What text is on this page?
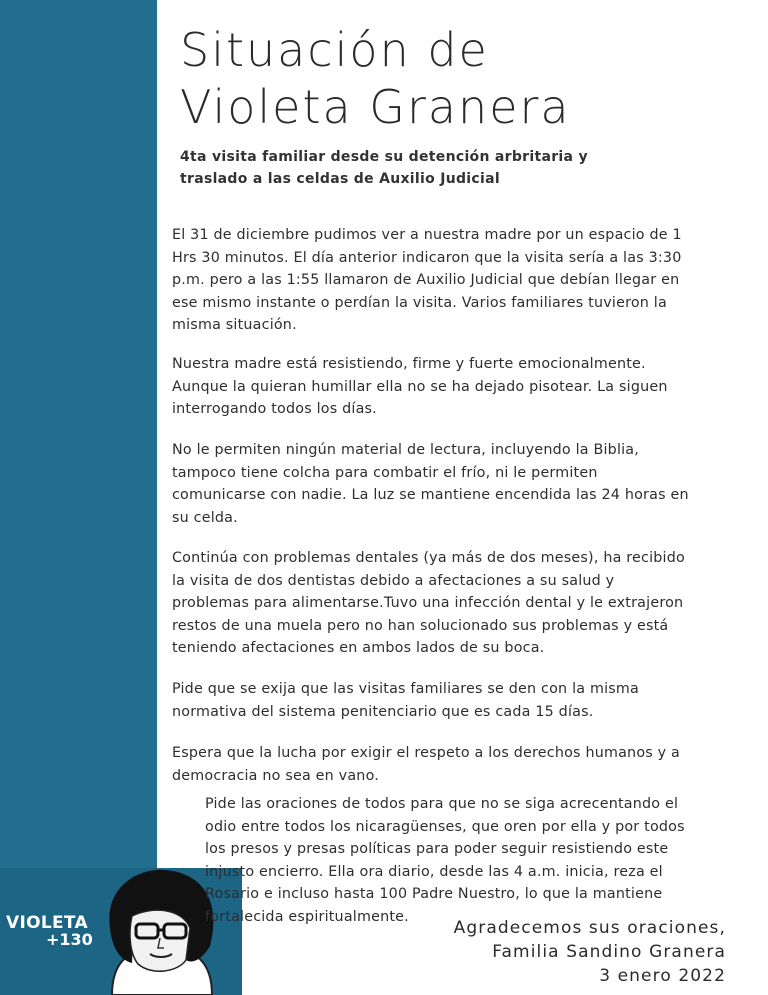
VIOLETA
+130
Situación de
Violeta Granera
4ta visita familiar desde su detención arbritaria y
traslado a las celdas de Auxilio Judicial
El 31 de diciembre pudimos ver a nuestra madre por un espacio de 1
Hrs 30 minutos. El día anterior indicaron que la visita sería a las 3:30
p.m. pero a las 1:55 llamaron de Auxilio Judicial que debían llegar en
ese mismo instante o perdían la visita. Varios familiares tuvieron la
misma situación.
Nuestra madre está resistiendo, firme y fuerte emocionalmente.
Aunque la quieran humillar ella no se ha dejado pisotear. La siguen
interrogando todos los días.
No le permiten ningún material de lectura, incluyendo la Biblia,
tampoco tiene colcha para combatir el frío, ni le permiten
comunicarse con nadie. La luz se mantiene encendida las 24 horas en
su celda.
Continúa con problemas dentales (ya más de dos meses), ha recibido
la visita de dos dentistas debido a afectaciones a su salud y
problemas para alimentarse.Tuvo una infección dental y le extrajeron
restos de una muela pero no han solucionado sus problemas y está
teniendo afectaciones en ambos lados de su boca.
Pide que se exija que las visitas familiares se den con la misma
normativa del sistema penitenciario que es cada 15 días.
Espera que la lucha por exigir el respeto a los derechos humanos y a
democracia no sea en vano.
Pide las oraciones de todos para que no se siga acrecentando el
odio entre todos los nicaragüenses, que oren por ella y por todos
los presos y presas políticas para poder seguir resistiendo este
injusto encierro. Ella ora diario, desde las 4 a.m. inicia, reza el
Rosario e incluso hasta 100 Padre Nuestro, lo que la mantiene
fortalecida espiritualmente.
Agradecemos sus oraciones,
Familia Sandino Granera
3 enero 2022
